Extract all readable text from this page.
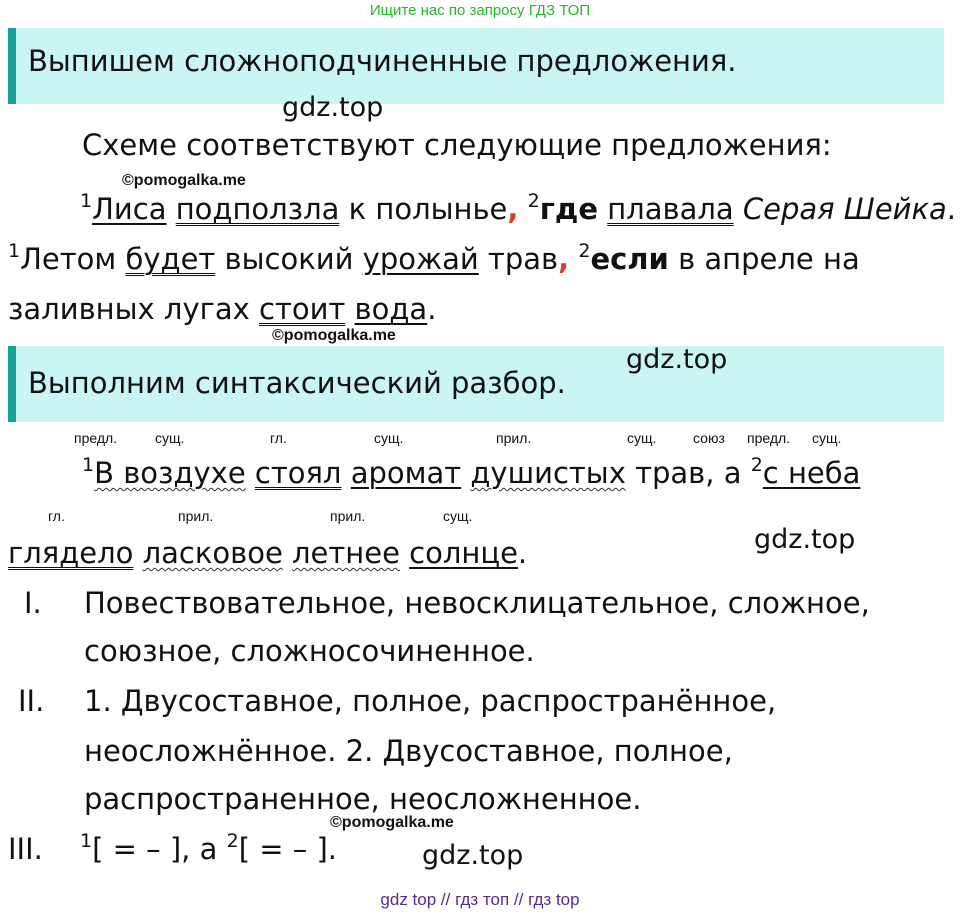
Ищите нас по запросу ГДЗ ТОП
Выпишем сложноподчиненные предложения.
gdz.top
Схеме соответствуют следующие предложения:
©pomogalka.me
$^1$Лиса подползла к полынье, $^2$где плавала Серая Шейка.
$^1$Летом будет высокий урожай трав, $^2$если в апреле на
заливных лугах стоит вода.
©pomogalka.me
Выполним синтаксический разбор.
gdz.top
предл.	сущ.	гл.	сущ.	прил.	сущ.	союз предл. сущ.
$^1$В воздухе стоял аромат душистых трав, а $^2$с неба
гл.	прил.	прил.	сущ.
глядело ласковое летнее солнце.	gdz.top
I. Повествовательное, невосклицательное, сложное,
союзное, сложносочиненное.
II. 1. Двусоставное, полное, распространённое,
неосложнённое. 2. Двусоставное, полное,
распространенное, неосложненное.
©pomogalka.me
III. $^1$[ = – ], а $^2$[ = – ].	gdz.top
gdz top // гдз топ // гдз top
